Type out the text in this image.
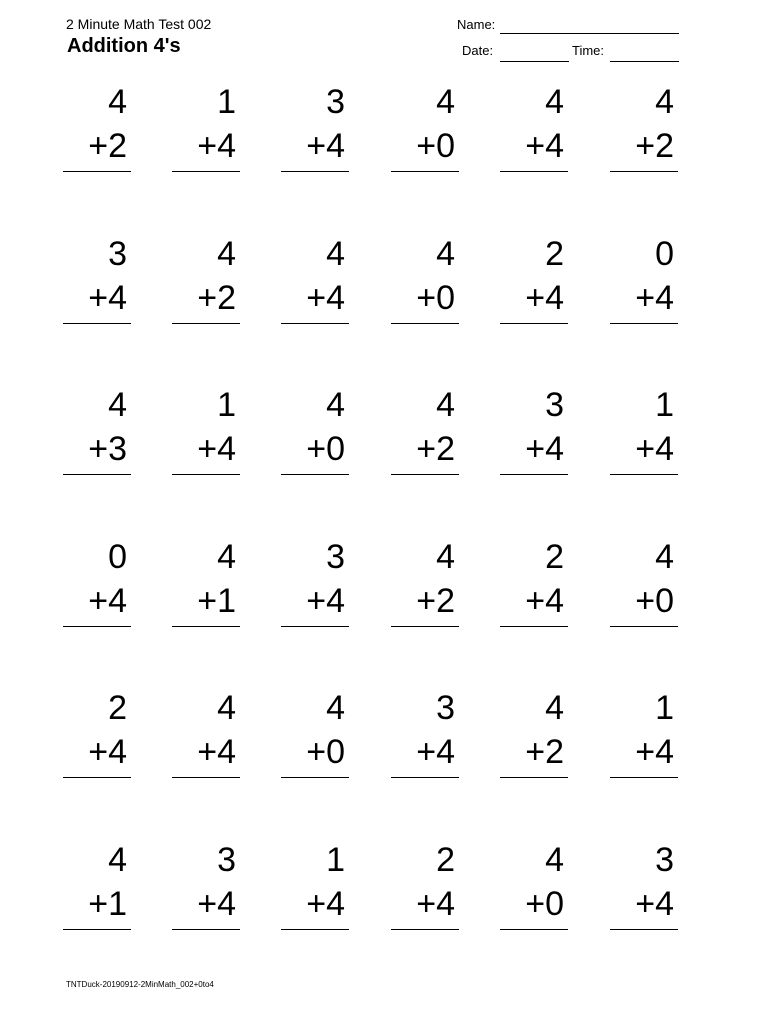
2 Minute Math Test 002
Addition 4's
Name:
Date:	Time:
4
+2
1
+4
3
+4
4
+0
4
+4
4
+2
3
+4
4
+2
4
+4
4
+0
2
+4
0
+4
4
+3
1
+4
4
+0
4
+2
3
+4
1
+4
0
+4
4
+1
3
+4
4
+2
2
+4
4
+0
2
+4
4
+4
4
+0
3
+4
4
+2
1
+4
4
+1
3
+4
1
+4
2
+4
4
+0
3
+4
TNTDuck-20190912-2MinMath_002+0to4
